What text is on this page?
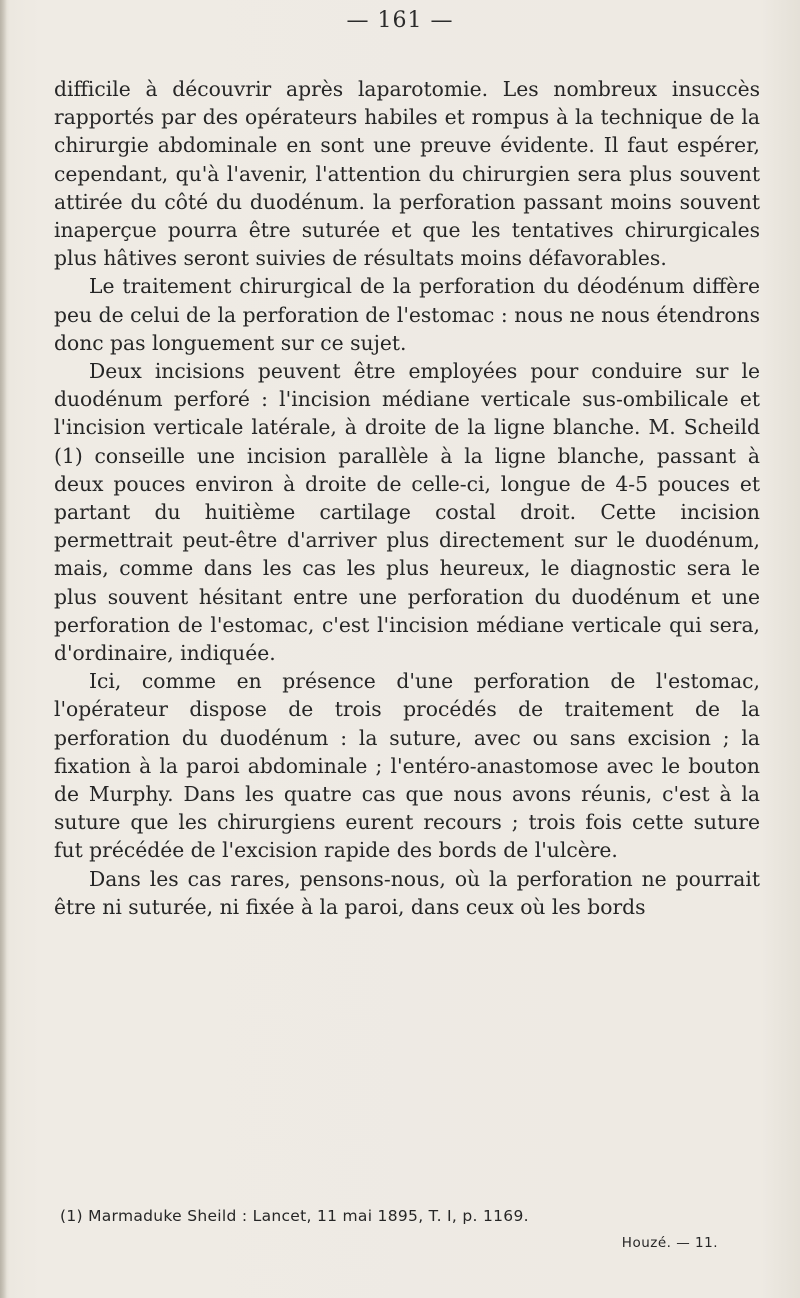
— 161 —

difficile à découvrir après laparotomie. Les nombreux insuccès rapportés par des opérateurs habiles et rompus à la technique de la chirurgie abdominale en sont une preuve évidente. Il faut espérer, cependant, qu'à l'avenir, l'attention du chirurgien sera plus souvent attirée du côté du duodénum. la perforation passant moins souvent inaperçue pourra être suturée et que les tentatives chirurgicales plus hâtives seront suivies de résultats moins défavorables.

Le traitement chirurgical de la perforation du déodénum diffère peu de celui de la perforation de l'estomac : nous ne nous étendrons donc pas longuement sur ce sujet.

Deux incisions peuvent être employées pour conduire sur le duodénum perforé : l'incision médiane verticale sus-ombilicale et l'incision verticale latérale, à droite de la ligne blanche. M. Scheild (1) conseille une incision parallèle à la ligne blanche, passant à deux pouces environ à droite de celle-ci, longue de 4-5 pouces et partant du huitième cartilage costal droit. Cette incision permettrait peut-être d'arriver plus directement sur le duodénum, mais, comme dans les cas les plus heureux, le diagnostic sera le plus souvent hésitant entre une perforation du duodénum et une perforation de l'estomac, c'est l'incision médiane verticale qui sera, d'ordinaire, indiquée.

Ici, comme en présence d'une perforation de l'estomac, l'opérateur dispose de trois procédés de traitement de la perforation du duodénum : la suture, avec ou sans excision ; la fixation à la paroi abdominale ; l'entéro-anastomose avec le bouton de Murphy. Dans les quatre cas que nous avons réunis, c'est à la suture que les chirurgiens eurent recours ; trois fois cette suture fut précédée de l'excision rapide des bords de l'ulcère.

Dans les cas rares, pensons-nous, où la perforation ne pourrait être ni suturée, ni fixée à la paroi, dans ceux où les bords

(1) Marmaduke Sheild : Lancet, 11 mai 1895, T. I, p. 1169.
Houzé. — 11.
